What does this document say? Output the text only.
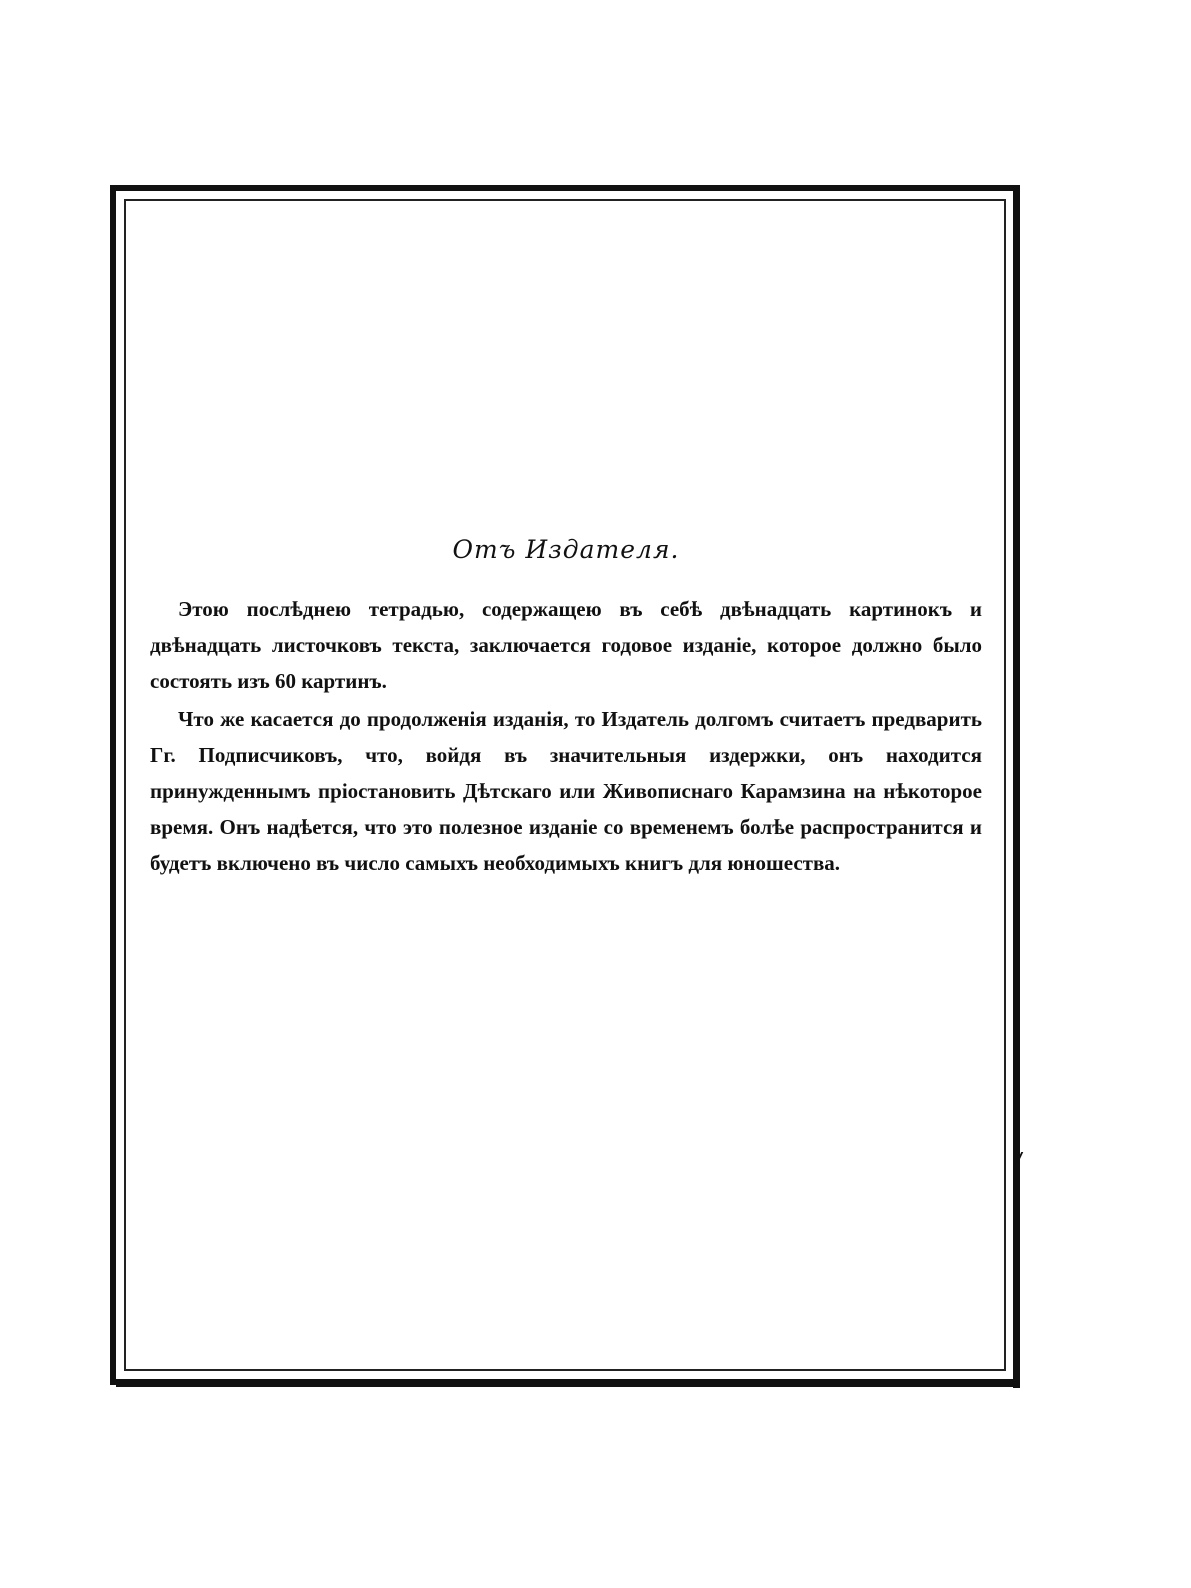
Отъ Издателя.

Этою послѣднею тетрадью, содержащею въ себѣ двѣнадцать картинокъ и двѣнадцать листочковъ текста, заключается годовое изданіе, которое должно было состоять изъ 60 картинъ.

Что же касается до продолженія изданія, то Издатель долгомъ считаетъ предварить Гг. Подписчиковъ, что, войдя въ значительныя издержки, онъ находится принужденнымъ пріостановить Дѣтскаго или Живописнаго Карамзина на нѣкоторое время. Онъ надѣется, что это полезное изданіе со временемъ болѣе распространится и будетъ включено въ число самыхъ необходимыхъ книгъ для юношества.
